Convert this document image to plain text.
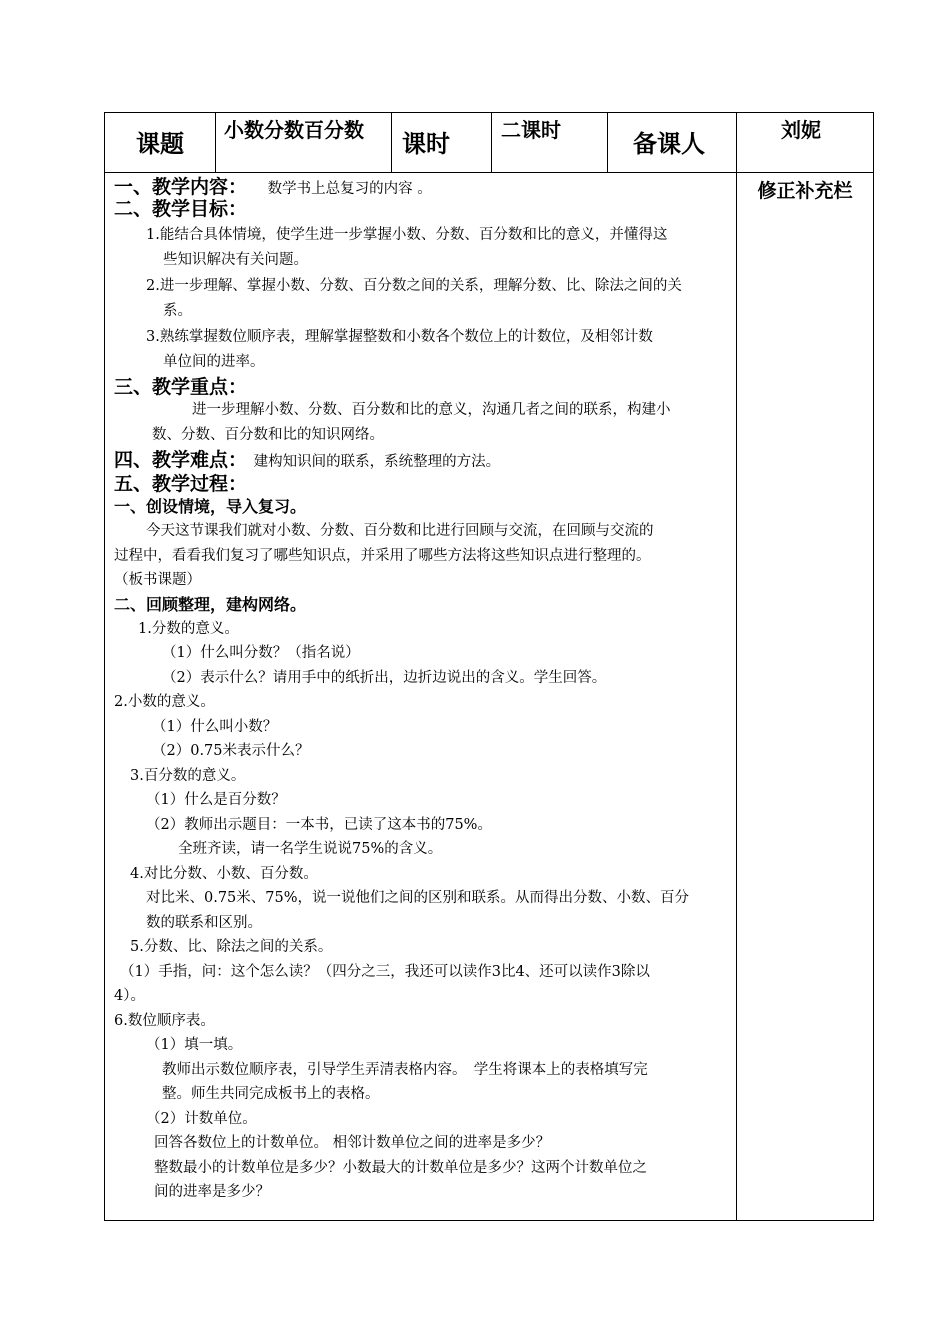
课题 小数分数百分数 课时	二课时	备课人	刘妮
修正补充栏
一、教学内容： 数学书上总复习的内容 。
二、教学目标：
1.能结合具体情境，使学生进一步掌握小数、分数、百分数和比的意义，并懂得这
些知识解决有关问题。
2.进一步理解、掌握小数、分数、百分数之间的关系，理解分数、比、除法之间的关
系。
3.熟练掌握数位顺序表，理解掌握整数和小数各个数位上的计数位，及相邻计数
单位间的进率。
三、教学重点：
进一步理解小数、分数、百分数和比的意义，沟通几者之间的联系，构建小
数、分数、百分数和比的知识网络。
四、教学难点： 建构知识间的联系，系统整理的方法。
五、教学过程：
一、创设情境，导入复习。
今天这节课我们就对小数、分数、百分数和比进行回顾与交流，在回顾与交流的
过程中，看看我们复习了哪些知识点，并采用了哪些方法将这些知识点进行整理的。
（板书课题）
二、回顾整理，建构网络。
1.分数的意义。
（1）什么叫分数？（指名说）
（2）表示什么？请用手中的纸折出，边折边说出的含义。学生回答。
2.小数的意义。
（1）什么叫小数？
（2）0.75米表示什么？
3.百分数的意义。
（1）什么是百分数？
（2）教师出示题目：一本书，已读了这本书的75%。
全班齐读，请一名学生说说75%的含义。
4.对比分数、小数、百分数。
对比米、0.75米、75%，说一说他们之间的区别和联系。从而得出分数、小数、百分
数的联系和区别。
5.分数、比、除法之间的关系。
（1）手指，问：这个怎么读？（四分之三，我还可以读作3比4、还可以读作3除以
4）。
6.数位顺序表。
（1）填一填。
教师出示数位顺序表，引导学生弄清表格内容。　学生将课本上的表格填写完
整。师生共同完成板书上的表格。
（2）计数单位。
回答各数位上的计数单位。 相邻计数单位之间的进率是多少？
整数最小的计数单位是多少？小数最大的计数单位是多少？这两个计数单位之
间的进率是多少？
